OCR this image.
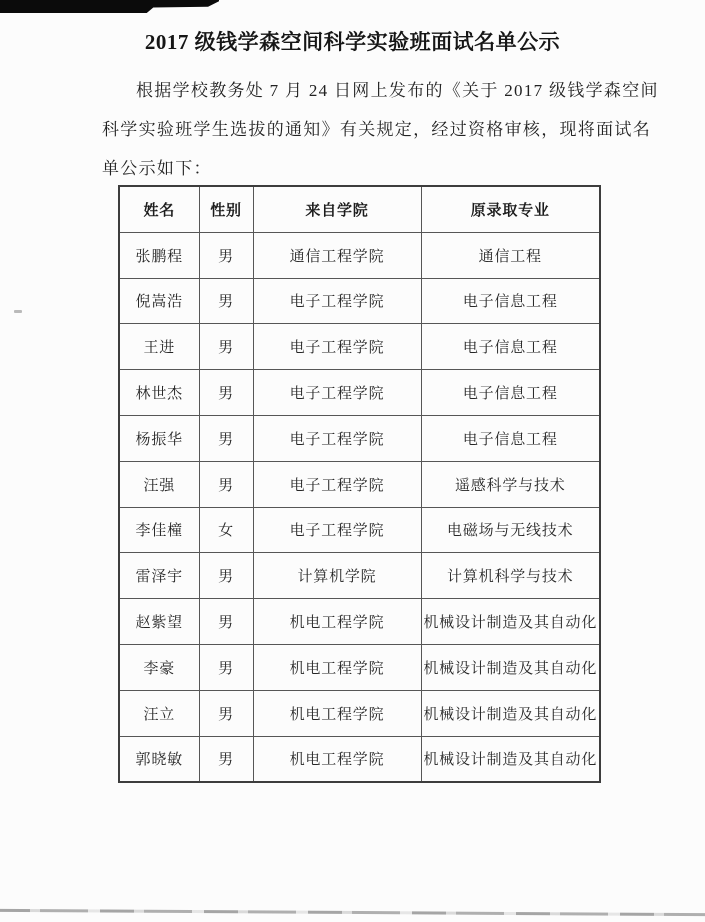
2017 级钱学森空间科学实验班面试名单公示
根据学校教务处 7 月 24 日网上发布的《关于 2017 级钱学森空间
科学实验班学生选拔的通知》有关规定，经过资格审核，现将面试名
单公示如下：
姓名	性别	来自学院	原录取专业
张鹏程	男	通信工程学院	通信工程
倪嵩浩	男	电子工程学院	电子信息工程
王进	男	电子工程学院	电子信息工程
林世杰	男	电子工程学院	电子信息工程
杨振华	男	电子工程学院	电子信息工程
汪强	男	电子工程学院	遥感科学与技术
李佳橦	女	电子工程学院	电磁场与无线技术
雷泽宇	男	计算机学院	计算机科学与技术
赵紫望	男	机电工程学院	机械设计制造及其自动化
李豪	男	机电工程学院	机械设计制造及其自动化
汪立	男	机电工程学院	机械设计制造及其自动化
郭晓敏	男	机电工程学院	机械设计制造及其自动化
